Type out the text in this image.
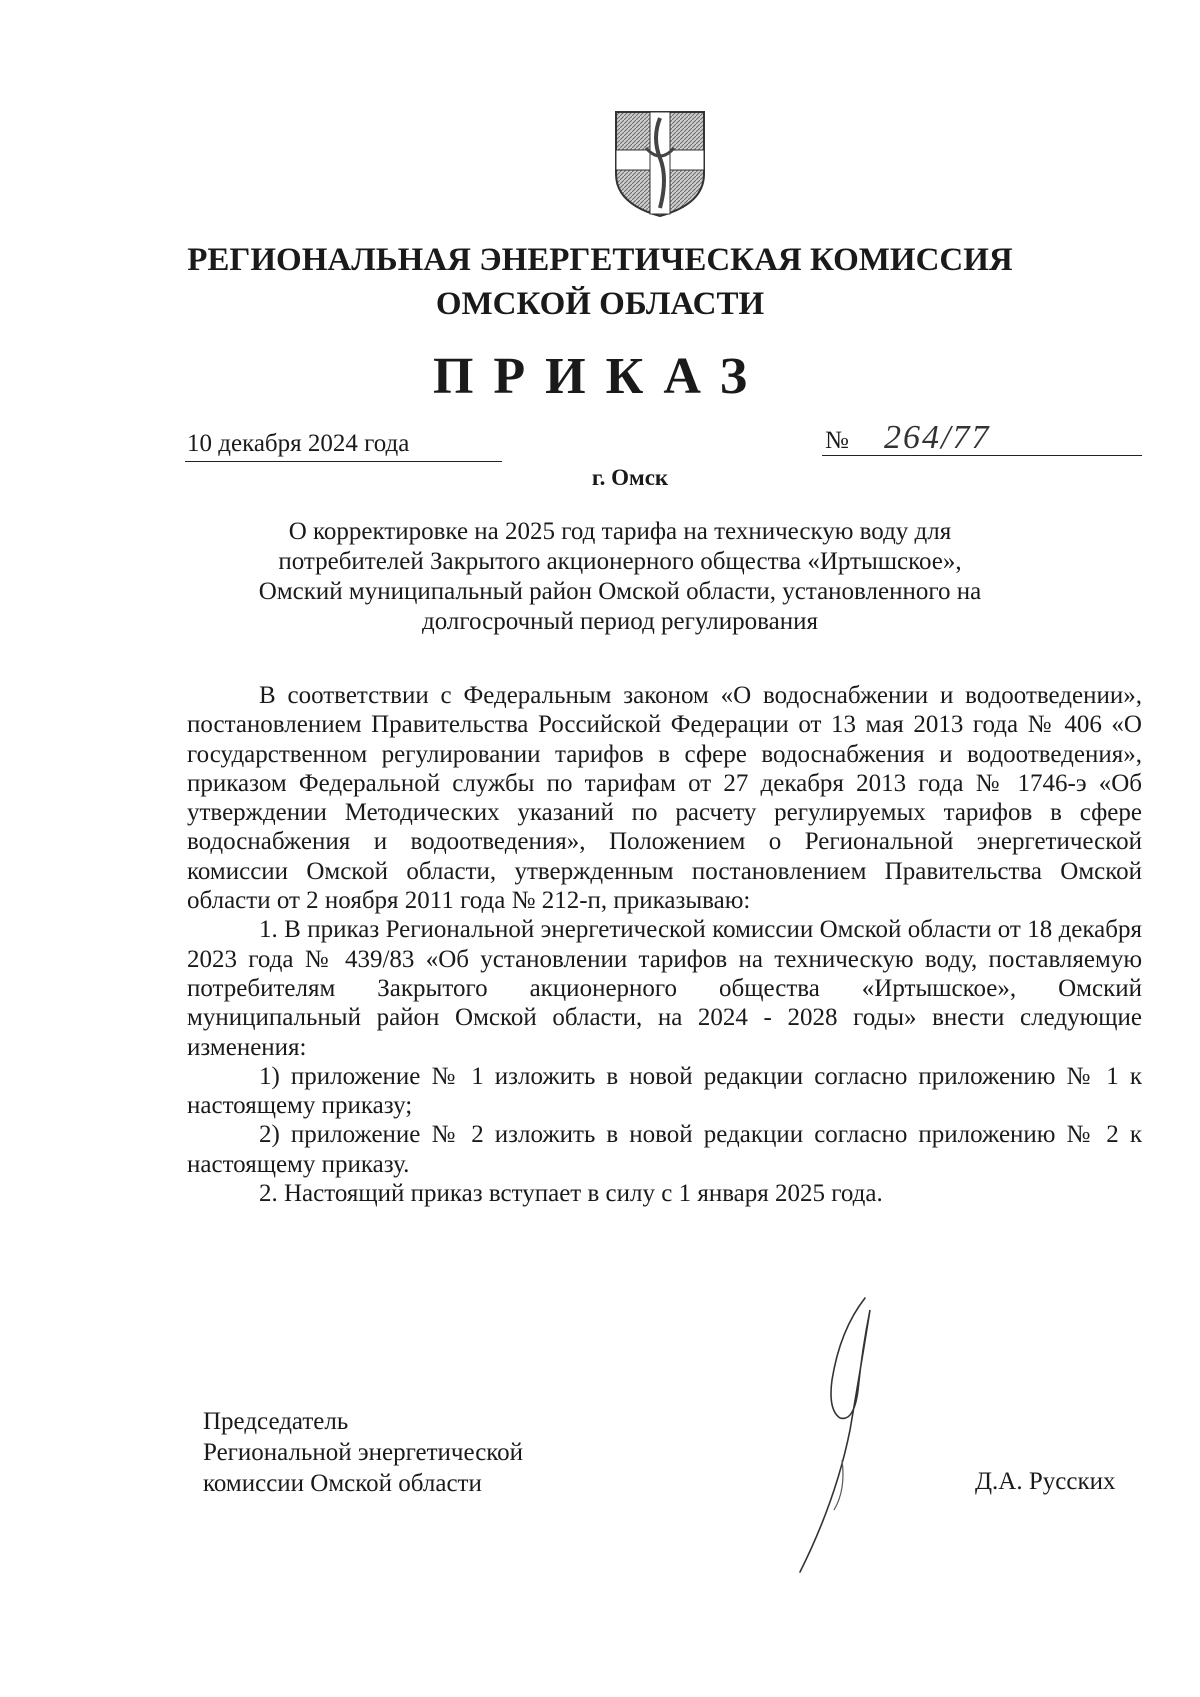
РЕГИОНАЛЬНАЯ ЭНЕРГЕТИЧЕСКАЯ КОМИССИЯ
ОМСКОЙ ОБЛАСТИ
ПРИКАЗ
10 декабря 2024 года	№ 264/77
г. Омск
О корректировке на 2025 год тарифа на техническую воду для
потребителей Закрытого акционерного общества «Иртышское»,
Омский муниципальный район Омской области, установленного на
долгосрочный период регулирования

В соответствии с Федеральным законом «О водоснабжении и водоотведении», постановлением Правительства Российской Федерации от 13 мая 2013 года № 406 «О государственном регулировании тарифов в сфере водоснабжения и водоотведения», приказом Федеральной службы по тарифам от 27 декабря 2013 года № 1746-э «Об утверждении Методических указаний по расчету регулируемых тарифов в сфере водоснабжения и водоотведения», Положением о Региональной энергетической комиссии Омской области, утвержденным постановлением Правительства Омской области от 2 ноября 2011 года № 212-п, приказываю:

1. В приказ Региональной энергетической комиссии Омской области от 18 декабря 2023 года № 439/83 «Об установлении тарифов на техническую воду, поставляемую потребителям Закрытого акционерного общества «Иртышское», Омский муниципальный район Омской области, на 2024 - 2028 годы» внести следующие изменения:

1) приложение № 1 изложить в новой редакции согласно приложению № 1 к настоящему приказу;

2) приложение № 2 изложить в новой редакции согласно приложению № 2 к настоящему приказу.

2. Настоящий приказ вступает в силу с 1 января 2025 года.

Председатель
Региональной энергетической
комиссии Омской области	Д.А. Русских
